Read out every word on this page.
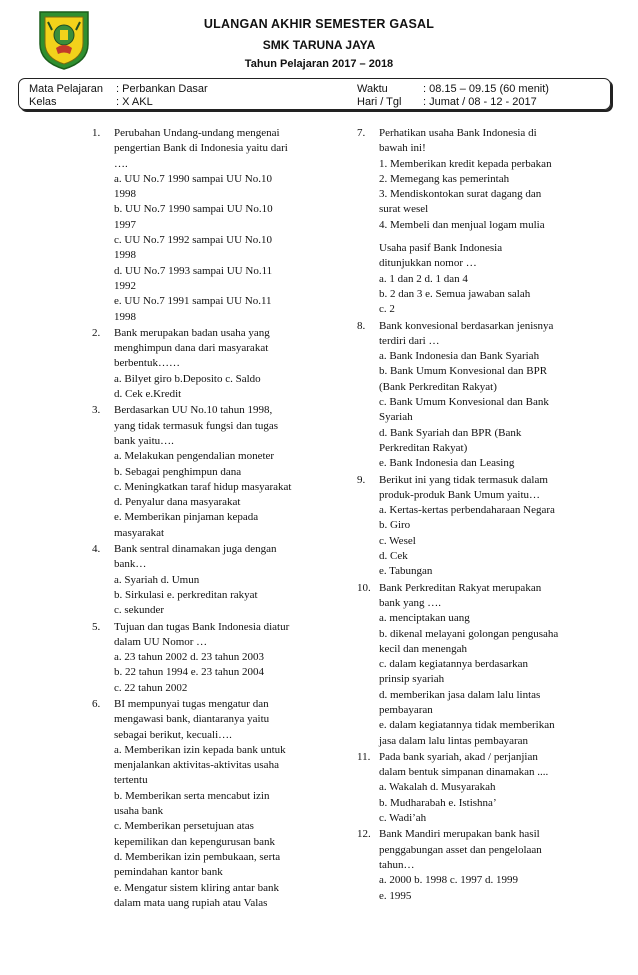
ULANGAN AKHIR SEMESTER GASAL
SMK TARUNA JAYA
Tahun Pelajaran 2017 – 2018
Mata Pelajaran : Perbankan Dasar	Waktu	: 08.15 – 09.15 (60 menit)
Kelas	: X AKL	Hari / Tgl : Jumat / 08 - 12 - 2017
1. Perubahan Undang-undang mengenai
pengertian Bank di Indonesia yaitu dari
….
a. UU No.7 1990 sampai UU No.10
1998
b. UU No.7 1990 sampai UU No.10
1997
c. UU No.7 1992 sampai UU No.10
1998
d. UU No.7 1993 sampai UU No.11
1992
e. UU No.7 1991 sampai UU No.11
1998
2. Bank merupakan badan usaha yang
menghimpun dana dari masyarakat
berbentuk……
a. Bilyet giro b.Deposito c. Saldo
d. Cek e.Kredit
3. Berdasarkan UU No.10 tahun 1998,
yang tidak termasuk fungsi dan tugas
bank yaitu….
a. Melakukan pengendalian moneter
b. Sebagai penghimpun dana
c. Meningkatkan taraf hidup masyarakat
d. Penyalur dana masyarakat
e. Memberikan pinjaman kepada
masyarakat
4. Bank sentral dinamakan juga dengan
bank…
a. Syariah d. Umun
b. Sirkulasi e. perkreditan rakyat
c. sekunder
5. Tujuan dan tugas Bank Indonesia diatur
dalam UU Nomor …
a. 23 tahun 2002 d. 23 tahun 2003
b. 22 tahun 1994 e. 23 tahun 2004
c. 22 tahun 2002
6. BI mempunyai tugas mengatur dan
mengawasi bank, diantaranya yaitu
sebagai berikut, kecuali….
a. Memberikan izin kepada bank untuk
menjalankan aktivitas-aktivitas usaha
tertentu
b. Memberikan serta mencabut izin
usaha bank
c. Memberikan persetujuan atas
kepemilikan dan kepengurusan bank
d. Memberikan izin pembukaan, serta
pemindahan kantor bank
e. Mengatur sistem kliring antar bank
dalam mata uang rupiah atau Valas
7. Perhatikan usaha Bank Indonesia di
bawah ini!
1. Memberikan kredit kepada perbakan
2. Memegang kas pemerintah
3. Mendiskontokan surat dagang dan
surat wesel
4. Membeli dan menjual logam mulia
Usaha pasif Bank Indonesia
ditunjukkan nomor …
a. 1 dan 2 d. 1 dan 4
b. 2 dan 3 e. Semua jawaban salah
c. 2
8. Bank konvesional berdasarkan jenisnya
terdiri dari …
a. Bank Indonesia dan Bank Syariah
b. Bank Umum Konvesional dan BPR
(Bank Perkreditan Rakyat)
c. Bank Umum Konvesional dan Bank
Syariah
d. Bank Syariah dan BPR (Bank
Perkreditan Rakyat)
e. Bank Indonesia dan Leasing
9. Berikut ini yang tidak termasuk dalam
produk-produk Bank Umum yaitu…
a. Kertas-kertas perbendaharaan Negara
b. Giro
c. Wesel
d. Cek
e. Tabungan
10. Bank Perkreditan Rakyat merupakan
bank yang ….
a. menciptakan uang
b. dikenal melayani golongan pengusaha
kecil dan menengah
c. dalam kegiatannya berdasarkan
prinsip syariah
d. memberikan jasa dalam lalu lintas
pembayaran
e. dalam kegiatannya tidak memberikan
jasa dalam lalu lintas pembayaran
11. Pada bank syariah, akad / perjanjian
dalam bentuk simpanan dinamakan ....
a. Wakalah d. Musyarakah
b. Mudharabah e. Istishna’
c. Wadi’ah
12. Bank Mandiri merupakan bank hasil
penggabungan asset dan pengelolaan
tahun…
a. 2000 b. 1998 c. 1997 d. 1999
e. 1995
